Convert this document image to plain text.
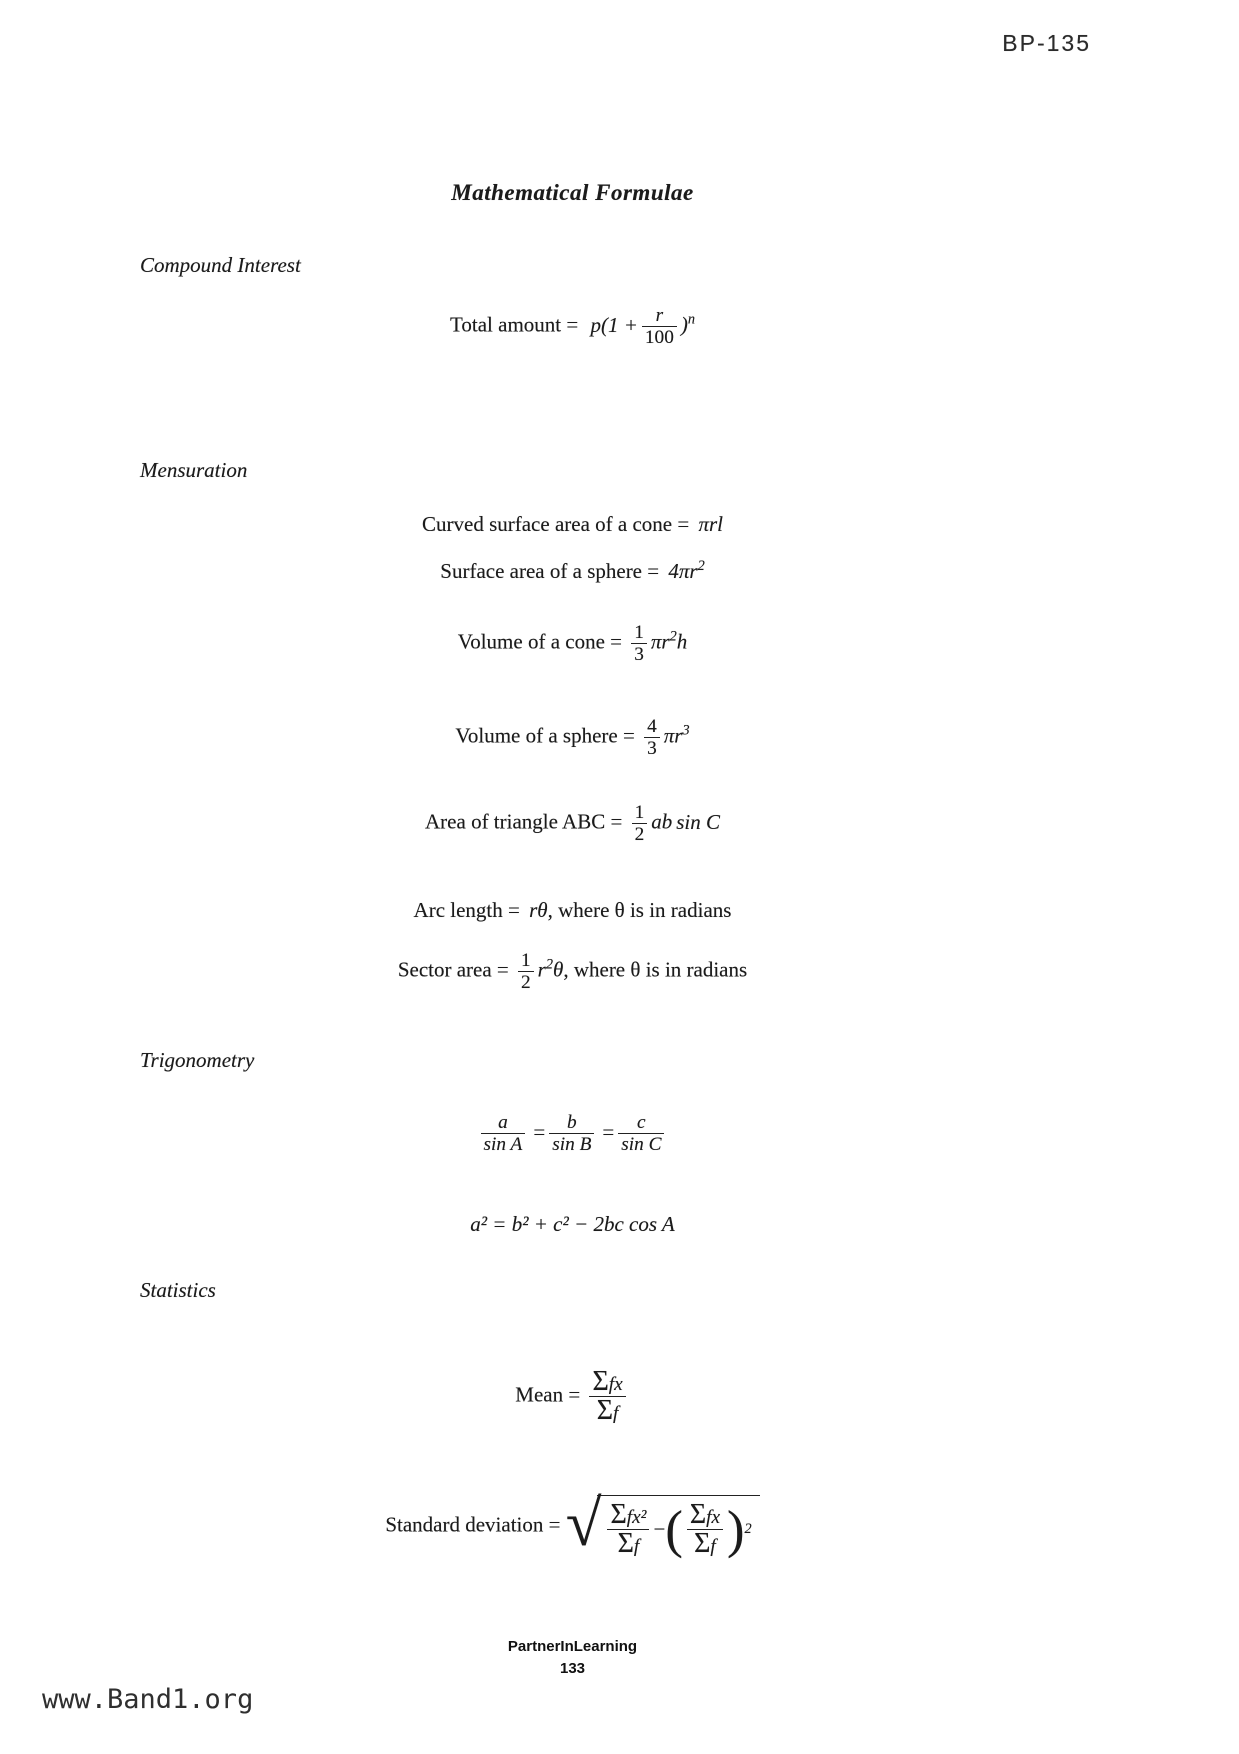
BP-135
Mathematical Formulae
Compound Interest
Total amount = $p(1 + \frac{r}{100} )^n$
Mensuration
Curved surface area of a cone = πrl
Surface area of a sphere = $4\pi r^2$
Volume of a cone = $\frac{1}{3} \pi r^2h$
Volume of a sphere = $\frac{4}{3} \pi r^3$
Area of triangle ABC = $\frac{1}{2}$ ab sin C
Arc length = rθ, where θ is in radians
Sector area = $\frac{1}{2} r^2\theta$, where θ is in radians
Trigonometry
$\frac{a}{\text{sin A}} = \frac{b}{\text{sin B}} = \frac{c}{\text{sin C}}$
a² = b² + c² − 2bc cos A
Statistics
Mean = $\frac{\text{Σfx}}{\Sigma f}$
Standard deviation = √ $\frac{\text{Σfx²}}{\Sigma f}$ − ( $\frac{\text{Σfx}}{\Sigma f}$ ) 2
PartnerInLearning
133
www.Band1.org
